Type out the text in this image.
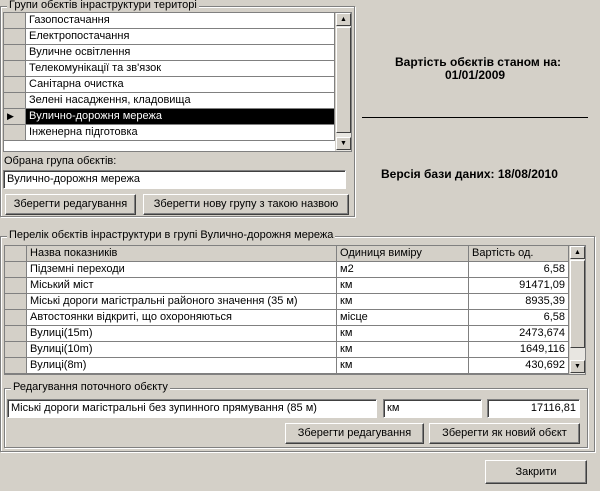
Групи обєктів інраструктури територі
Газопостачання
Електропостачання
Вуличне освітлення
Телекомунікації та зв'язок
Санітарна очистка
Зелені насадження, кладовища
▶	Вулично-дорожня мережа
Інженерна підготовка
▲
▼
Обрана група обєктів:
Вулично-дорожня мережа
Зберегти редагування	Зберегти нову групу з такою назвою
Вартість обєктів станом на:
01/01/2009
Версія бази даних: 18/08/2010
Перелік обєктів інраструктури в групі Вулично-дорожня мережа
Назва показників	Одиниця виміру	Вартість од.
Підземні переходи	м2	6,58
Міський міст	км	91471,09
Міські дороги магістральні районого значення (35 м)	км	8935,39
Автостоянки відкриті, що охороняються	місце	6,58
Вулиці(15m)	км	2473,674
Вулиці(10m)	км	1649,116
Вулиці(8m)	км	430,692
▲
▼
Редагування поточного обєкту
Міські дороги магістральні без зупинного прямування (85 м)	км	17116,81
Зберегти редагування	Зберегти як новий обєкт
Закрити
